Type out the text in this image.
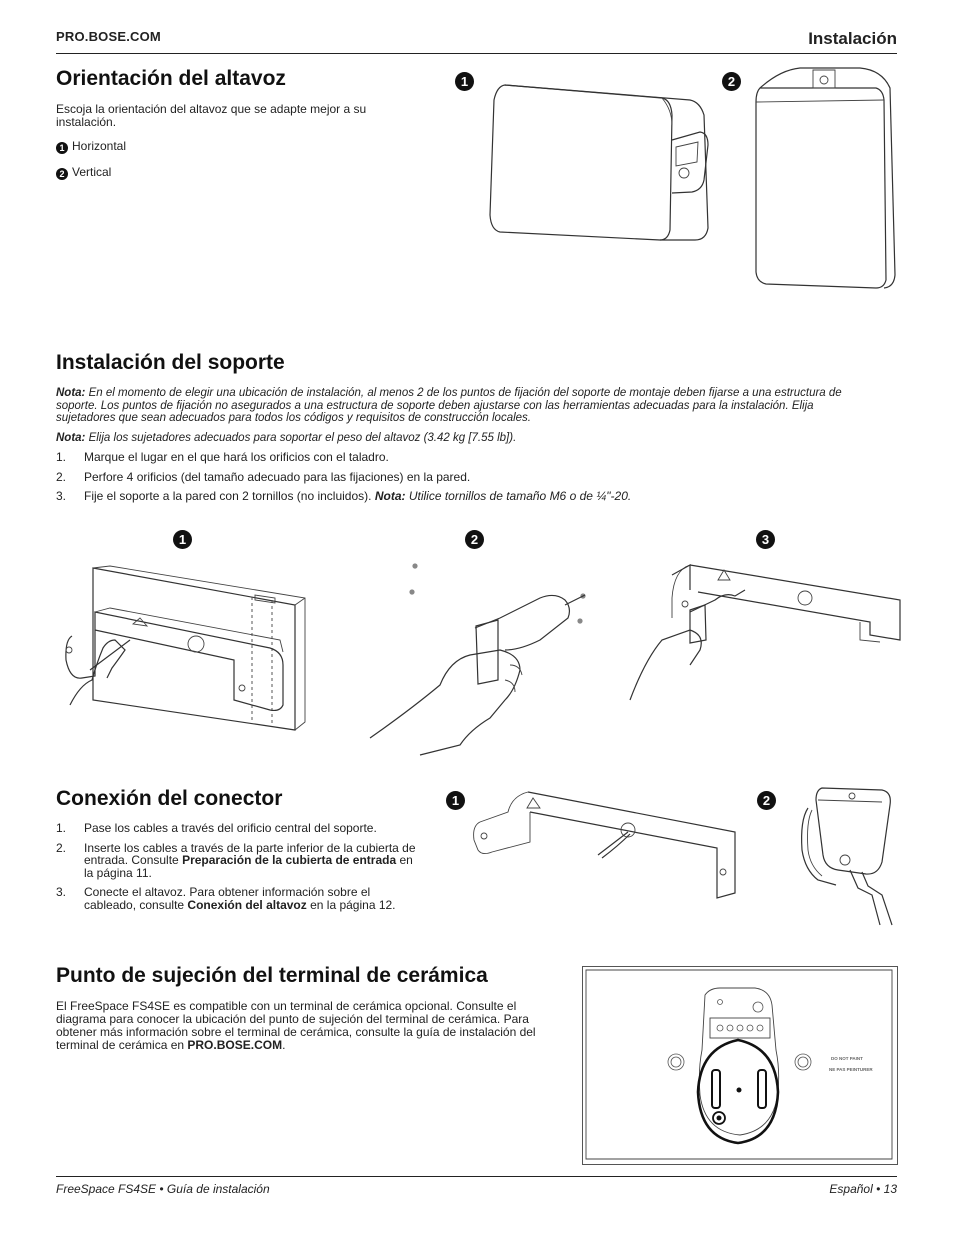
PRO.BOSE.COM	Instalación
Orientación del altavoz
Escoja la orientación del altavoz que se adapte mejor a su instalación.
1 Horizontal
2 Vertical
1	2
Instalación del soporte
Nota: En el momento de elegir una ubicación de instalación, al menos 2 de los puntos de fijación del soporte de montaje deben fijarse a una estructura de soporte. Los puntos de fijación no asegurados a una estructura de soporte deben ajustarse con las herramientas adecuadas para la instalación. Elija sujetadores que sean adecuados para todos los códigos y requisitos de construcción locales.
Nota: Elija los sujetadores adecuados para soportar el peso del altavoz (3.42 kg [7.55 lb]).
1. Marque el lugar en el que hará los orificios con el taladro.
2. Perfore 4 orificios (del tamaño adecuado para las fijaciones) en la pared.
3. Fije el soporte a la pared con 2 tornillos (no incluidos). Nota: Utilice tornillos de tamaño M6 o de ¼"-20.
1	2	3
Conexión del conector
1. Pase los cables a través del orificio central del soporte.
2. Inserte los cables a través de la parte inferior de la cubierta de entrada. Consulte Preparación de la cubierta de entrada en la página 11.
3. Conecte el altavoz. Para obtener información sobre el cableado, consulte Conexión del altavoz en la página 12.
1	2
Punto de sujeción del terminal de cerámica
El FreeSpace FS4SE es compatible con un terminal de cerámica opcional. Consulte el diagrama para conocer la ubicación del punto de sujeción del terminal de cerámica. Para obtener más información sobre el terminal de cerámica, consulte la guía de instalación del terminal de cerámica en PRO.BOSE.COM.
DO NOT PAINT
NE PAS PEINTURER
FreeSpace FS4SE • Guía de instalación	Español • 13
